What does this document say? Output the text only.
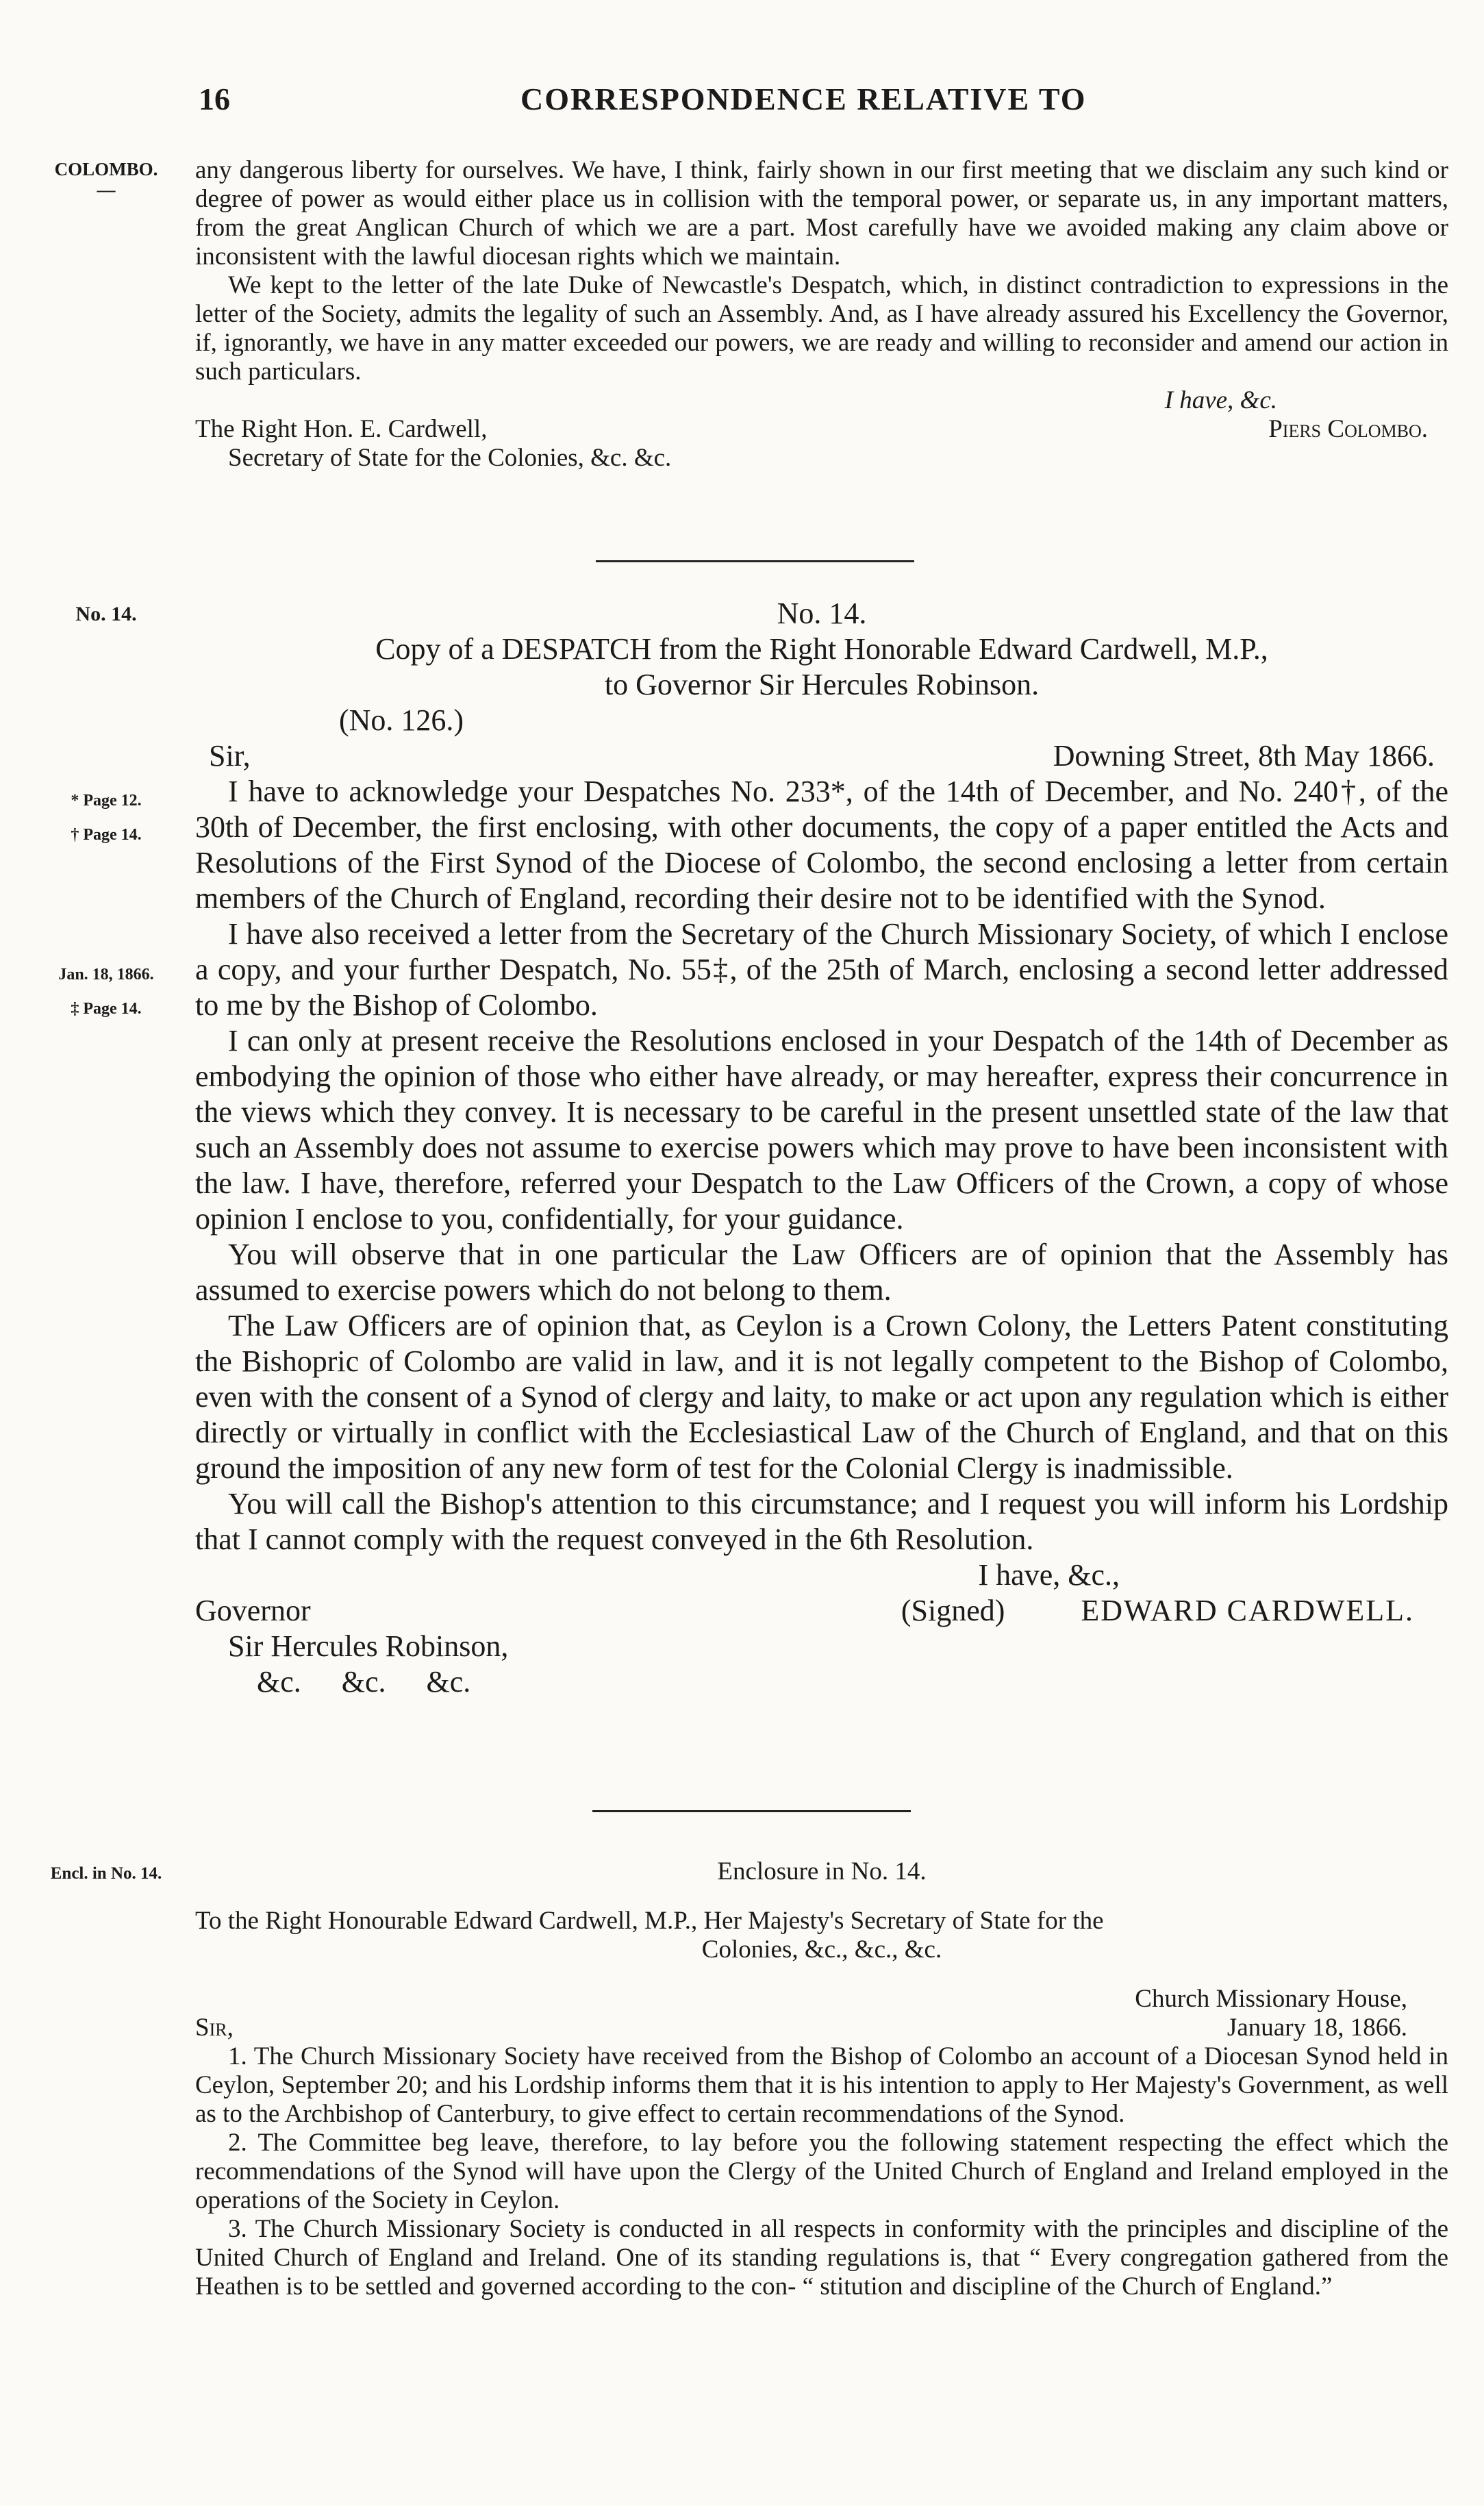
16	CORRESPONDENCE RELATIVE TO
COLOMBO.
—

any dangerous liberty for ourselves. We have, I think, fairly shown in our first meeting that we disclaim any such kind or degree of power as would either place us in collision with the temporal power, or separate us, in any important matters, from the great Anglican Church of which we are a part. Most carefully have we avoided making any claim above or inconsistent with the lawful diocesan rights which we maintain.

We kept to the letter of the late Duke of Newcastle's Despatch, which, in distinct contradiction to expressions in the letter of the Society, admits the legality of such an Assembly. And, as I have already assured his Excellency the Governor, if, ignorantly, we have in any matter exceeded our powers, we are ready and willing to reconsider and amend our action in such particulars.

I have, &c.

The Right Hon. E. Cardwell,	Piers Colombo.

Secretary of State for the Colonies, &c. &c.

No. 14.
* Page 12.
† Page 14.
Jan. 18, 1866.
‡ Page 14.

No. 14.

Copy of a DESPATCH from the Right Honorable Edward Cardwell, M.P.,

to Governor Sir Hercules Robinson.

(No. 126.)

Sir,	Downing Street, 8th May 1866.

I have to acknowledge your Despatches No. 233*, of the 14th of December, and No. 240†, of the 30th of December, the first enclosing, with other documents, the copy of a paper entitled the Acts and Resolutions of the First Synod of the Diocese of Colombo, the second enclosing a letter from certain members of the Church of England, recording their desire not to be identified with the Synod.

I have also received a letter from the Secretary of the Church Missionary Society, of which I enclose a copy, and your further Despatch, No. 55‡, of the 25th of March, enclosing a second letter addressed to me by the Bishop of Colombo.

I can only at present receive the Resolutions enclosed in your Despatch of the 14th of December as embodying the opinion of those who either have already, or may hereafter, express their concurrence in the views which they convey. It is necessary to be careful in the present unsettled state of the law that such an Assembly does not assume to exercise powers which may prove to have been inconsistent with the law. I have, therefore, referred your Despatch to the Law Officers of the Crown, a copy of whose opinion I enclose to you, confidentially, for your guidance.

You will observe that in one particular the Law Officers are of opinion that the Assembly has assumed to exercise powers which do not belong to them.

The Law Officers are of opinion that, as Ceylon is a Crown Colony, the Letters Patent constituting the Bishopric of Colombo are valid in law, and it is not legally competent to the Bishop of Colombo, even with the consent of a Synod of clergy and laity, to make or act upon any regulation which is either directly or virtually in conflict with the Ecclesiastical Law of the Church of England, and that on this ground the imposition of any new form of test for the Colonial Clergy is inadmissible.

You will call the Bishop's attention to this circumstance; and I request you will inform his Lordship that I cannot comply with the request conveyed in the 6th Resolution.

I have, &c.,

Governor	(Signed)	EDWARD CARDWELL.

Sir Hercules Robinson,

&c. &c. &c.

Encl. in No. 14.	Enclosure in No. 14.

To the Right Honourable Edward Cardwell, M.P., Her Majesty's Secretary of State for the

Colonies, &c., &c., &c.

Church Missionary House,

Sir,	January 18, 1866.

1. The Church Missionary Society have received from the Bishop of Colombo an account of a Diocesan Synod held in Ceylon, September 20; and his Lordship informs them that it is his intention to apply to Her Majesty's Government, as well as to the Archbishop of Canterbury, to give effect to certain recommendations of the Synod.

2. The Committee beg leave, therefore, to lay before you the following statement respecting the effect which the recommendations of the Synod will have upon the Clergy of the United Church of England and Ireland employed in the operations of the Society in Ceylon.

3. The Church Missionary Society is conducted in all respects in conformity with the principles and discipline of the United Church of England and Ireland. One of its standing regulations is, that “ Every congregation gathered from the Heathen is to be settled and governed according to the con- “ stitution and discipline of the Church of England.”
